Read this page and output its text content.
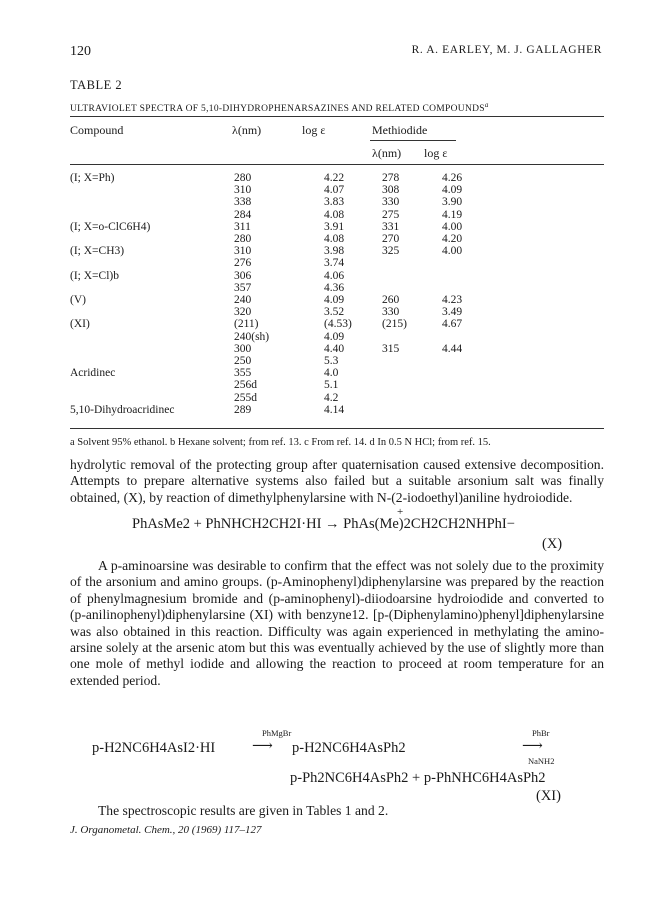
120	R. A. EARLEY, M. J. GALLAGHER
TABLE 2
ULTRAVIOLET SPECTRA OF 5,10-DIHYDROPHENARSAZINES AND RELATED COMPOUNDS$^a$
Compound	λ(nm)	log ε	Methiodide
λ(nm) log ε
(I; X=Ph)	280	4.22	278	4.26
	310	4.07	308	4.09
	338	3.83	330	3.90
	284	4.08	275	4.19
(I; X=o-ClC6H4)	311	3.91	331	4.00
	280	4.08	270	4.20
(I; X=CH3)	310	3.98	325	4.00
	276	3.74		
(I; X=Cl)b	306	4.06		
	357	4.36		
(V)	240	4.09	260	4.23
	320	3.52	330	3.49
(XI)	(211)	(4.53)	(215)	4.67
	240(sh)	4.09		
	300	4.40	315	4.44
	250	5.3		
Acridinec	355	4.0		
	256d	5.1		
	255d	4.2		
5,10-Dihydroacridinec	289	4.14		
a Solvent 95% ethanol. b Hexane solvent; from ref. 13. c From ref. 14. d In 0.5 N HCl; from ref. 15.
hydrolytic removal of the protecting group after quaternisation caused extensive decomposition. Attempts to prepare alternative systems also failed but a suitable arsonium salt was finally obtained, (X), by reaction of dimethylphenylarsine with N-(2-iodoethyl)aniline hydroiodide.
+
PhAsMe2 + PhNHCH2CH2I·HI → PhAs(Me)2CH2CH2NHPhI−
(X)
A p-aminoarsine was desirable to confirm that the effect was not solely due to the proximity of the arsonium and amino groups. (p-Aminophenyl)diphenylarsine was prepared by the reaction of phenylmagnesium bromide and (p-aminophenyl)-diiodoarsine hydroiodide and converted to (p-anilinophenyl)diphenylarsine (XI) with benzyne12. [p-(Diphenylamino)phenyl]diphenylarsine was also obtained in this reaction. Difficulty was again experienced in methylating the amino-arsine solely at the arsenic atom but this was eventually achieved by the use of slightly more than one mole of methyl iodide and allowing the reaction to proceed at room temperature for an extended period.
p-H2NC6H4AsI2·HI
PhMgBr
⟶ p-H2NC6H4AsPh2
PhBr
⟶
NaNH2
p-Ph2NC6H4AsPh2 + p-PhNHC6H4AsPh2
(XI)
The spectroscopic results are given in Tables 1 and 2.
J. Organometal. Chem., 20 (1969) 117–127
